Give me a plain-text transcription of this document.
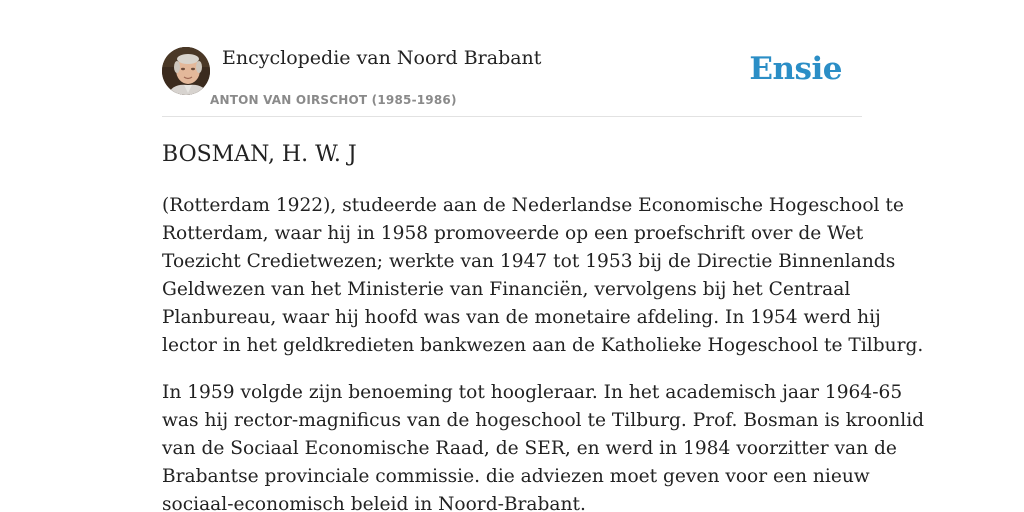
Encyclopedie van Noord Brabant
ANTON VAN OIRSCHOT (1985-1986)
Ensie
BOSMAN, H. W. J

(Rotterdam 1922), studeerde aan de Nederlandse Economische Hogeschool te
Rotterdam, waar hij in 1958 promoveerde op een proefschrift over de Wet
Toezicht Credietwezen; werkte van 1947 tot 1953 bij de Directie Binnenlands
Geldwezen van het Ministerie van Financiën, vervolgens bij het Centraal
Planbureau, waar hij hoofd was van de monetaire afdeling. In 1954 werd hij
lector in het geldkredieten bankwezen aan de Katholieke Hogeschool te Tilburg.

In 1959 volgde zijn benoeming tot hoogleraar. In het academisch jaar 1964-65
was hij rector-magnificus van de hogeschool te Tilburg. Prof. Bosman is kroonlid
van de Sociaal Economische Raad, de SER, en werd in 1984 voorzitter van de
Brabantse provinciale commissie. die adviezen moet geven voor een nieuw
sociaal-economisch beleid in Noord-Brabant.
